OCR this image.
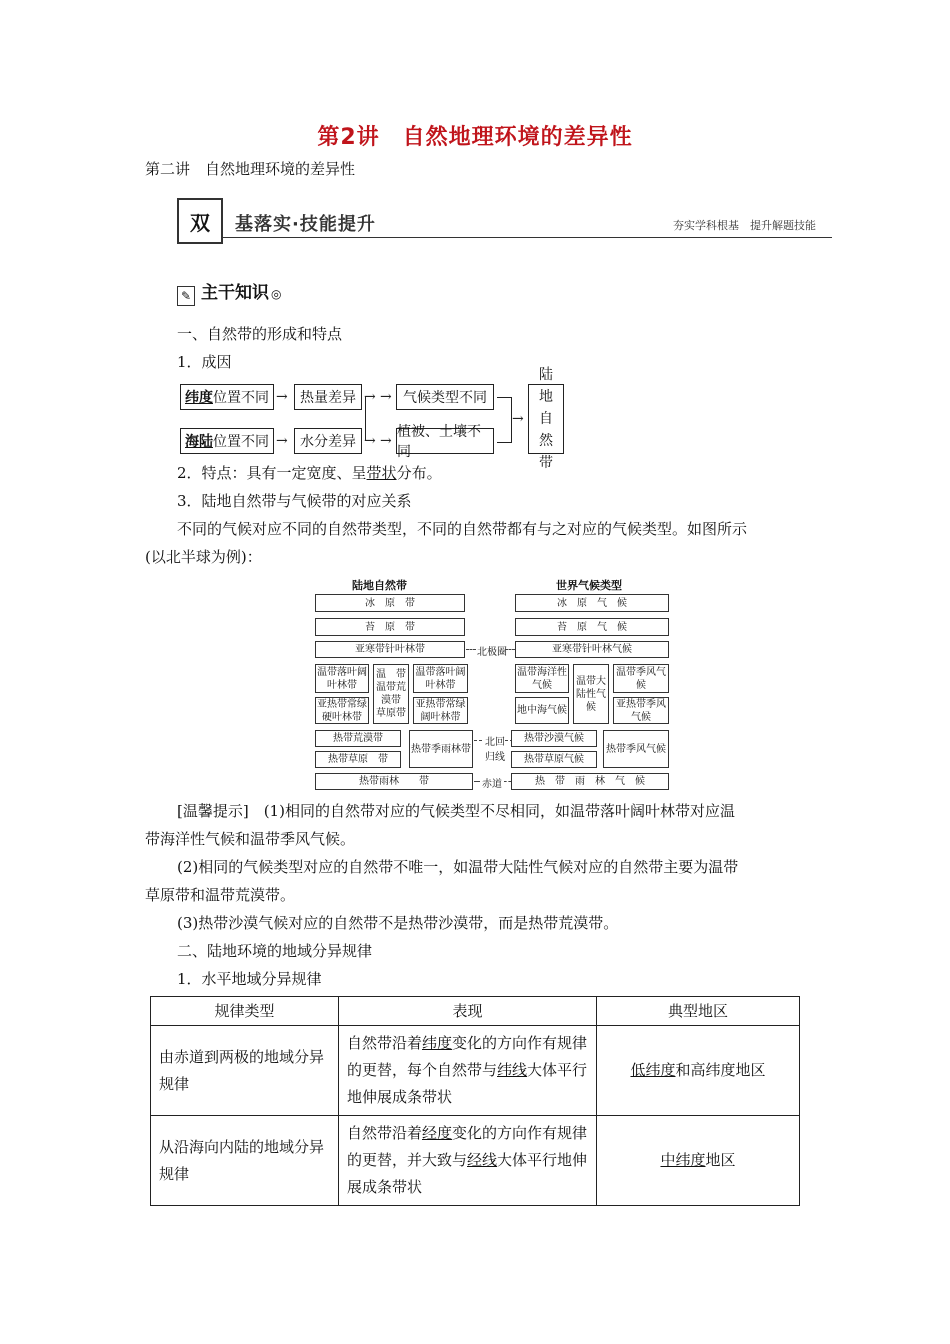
第2讲　自然地理环境的差异性
第二讲　自然地理环境的差异性
双	基落实·技能提升	夯实学科根基　提升解题技能
✎ 主干知识 ◎
一、自然带的形成和特点
1．成因
纬度 位置不同
海陆 位置不同
→
→
热量差异
水分差异
→
→
气候类型不同
植被、土壤不同
→
→
→
陆地自然带
2．特点：具有一定宽度、呈带状分布。
3．陆地自然带与气候带的对应关系
不同的气候对应不同的自然带类型，不同的自然带都有与之对应的气候类型。如图所示
(以北半球为例)：
陆地自然带	世界气候类型
冰　原　带	冰　原　气　候
苔　原　带	苔　原　气　候
亚寒带针叶林带	亚寒带针叶林气候
北极圈
温带落叶阔叶林带
温　带
温带荒漠带
草原带
温带落叶阔叶林带
亚热带常绿硬叶林带
亚热带常绿阔叶林带
温带海洋性气候	温带大陆性气候
温带季风气候
地中海气候
亚热带季风气候
热带荒漠带
热带季雨林带
热带草原　带
北回归线
热带沙漠气候
热带季风气候
热带草原气候
热带雨林　　带	赤道	热　带　雨　林　气　候
[温馨提示]　(1)相同的自然带对应的气候类型不尽相同，如温带落叶阔叶林带对应温
带海洋性气候和温带季风气候。
(2)相同的气候类型对应的自然带不唯一，如温带大陆性气候对应的自然带主要为温带
草原带和温带荒漠带。
(3)热带沙漠气候对应的自然带不是热带沙漠带，而是热带荒漠带。
二、陆地环境的地域分异规律
1．水平地域分异规律
规律类型	表现	典型地区
由赤道到两极的地域分异规律	自然带沿着纬度变化的方向作有规律的更替，每个自然带与纬线大体平行地伸展成条带状	低纬度和高纬度地区
从沿海向内陆的地域分异规律	自然带沿着经度变化的方向作有规律的更替，并大致与经线大体平行地伸展成条带状	中纬度地区
